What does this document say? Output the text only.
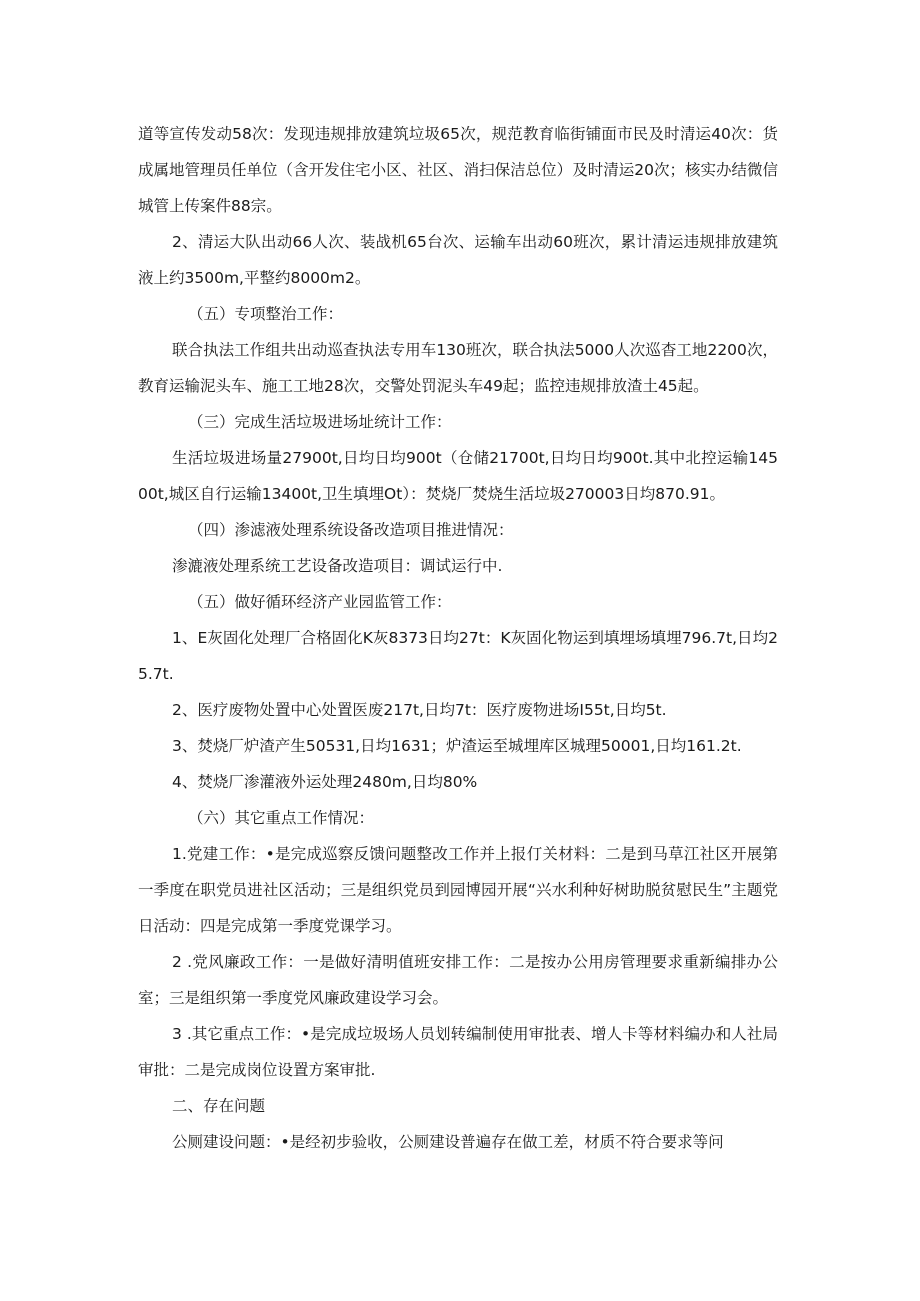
道等宣传发动58次：发现违规排放建筑垃圾65次，规范教育临街铺面市民及时清运40次：货成属地管理员任单位（含开发住宅小区、社区、消扫保洁总位）及时清运20次；核实办结微信城管上传案件88宗。

2、清运大队出动66人次、装战机65台次、运输车出动60班次，累计清运违规排放建筑液上约3500m,平整约8000m2。

（五）专项整治工作：

联合执法工作组共出动巡查执法专用车130班次，联合执法5000人次巡杳工地2200次，教育运输泥头车、施工工地28次，交警处罚泥头车49起；监控违规排放渣土45起。

（三）完成生活垃圾进场址统计工作：

生活垃圾进场量27900t,日均日均900t（仓储21700t,日均日均900t.其中北控运输14500t,城区自行运输13400t,卫生填埋Ot）：焚烧厂焚烧生活垃圾270003日均870.91。

（四）渗滤液处理系统设备改造项目推进情况：

渗漉液处理系统工艺设备改造项目：调试运行中.

（五）做好循环经济产业园监管工作：

1、E灰固化处理厂合格固化K灰8373日均27t：K灰固化物运到填埋场填埋796.7t,日均25.7t.

2、医疗废物处置中心处置医废217t,日均7t：医疗废物进场I55t,日均5t.

3、焚烧厂炉渣产生50531,日均1631；炉渣运至城埋库区城理50001,日均161.2t.

4、焚烧厂渗灌液外运处理2480m,日均80%

（六）其它重点工作情况：

1.党建工作：•是完成巡察反馈问题整改工作并上报仃关材料：二是到马草江社区开展第一季度在职党员进社区活动；三是组织党员到园博园开展“兴水利种好树助脱贫慰民生”主题党日活动：四是完成第一季度党课学习。

2 .党风廉政工作：一是做好清明值班安排工作：二是按办公用房管理要求重新编排办公室；三是组织第一季度党风廉政建设学习会。

3 .其它重点工作：•是完成垃圾场人员划转编制使用审批表、增人卡等材料编办和人社局审批：二是完成岗位设置方案审批.

二、存在问题

公厕建设问题：•是经初步验收，公厕建设普遍存在做工差，材质不符合要求等问
